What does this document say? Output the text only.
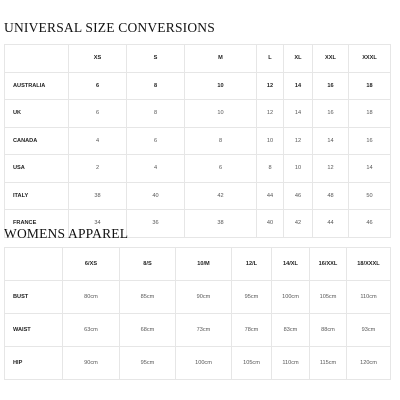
UNIVERSAL SIZE CONVERSIONS
	XS	S	M	L	XL	XXL	XXXL
AUSTRALIA	6	8	10	12	14	16	18
UK	6	8	10	12	14	16	18
CANADA	4	6	8	10	12	14	16
USA	2	4	6	8	10	12	14
ITALY	38	40	42	44	46	48	50
FRANCE	34	36	38	40	42	44	46
WOMENS APPAREL
	6/XS	8/S	10/M	12/L	14/XL	16/XXL	18/XXXL
BUST	80cm	85cm	90cm	95cm	100cm	105cm	110cm
WAIST	63cm	68cm	73cm	78cm	83cm	88cm	93cm
HIP	90cm	95cm	100cm	105cm	110cm	115cm	120cm
